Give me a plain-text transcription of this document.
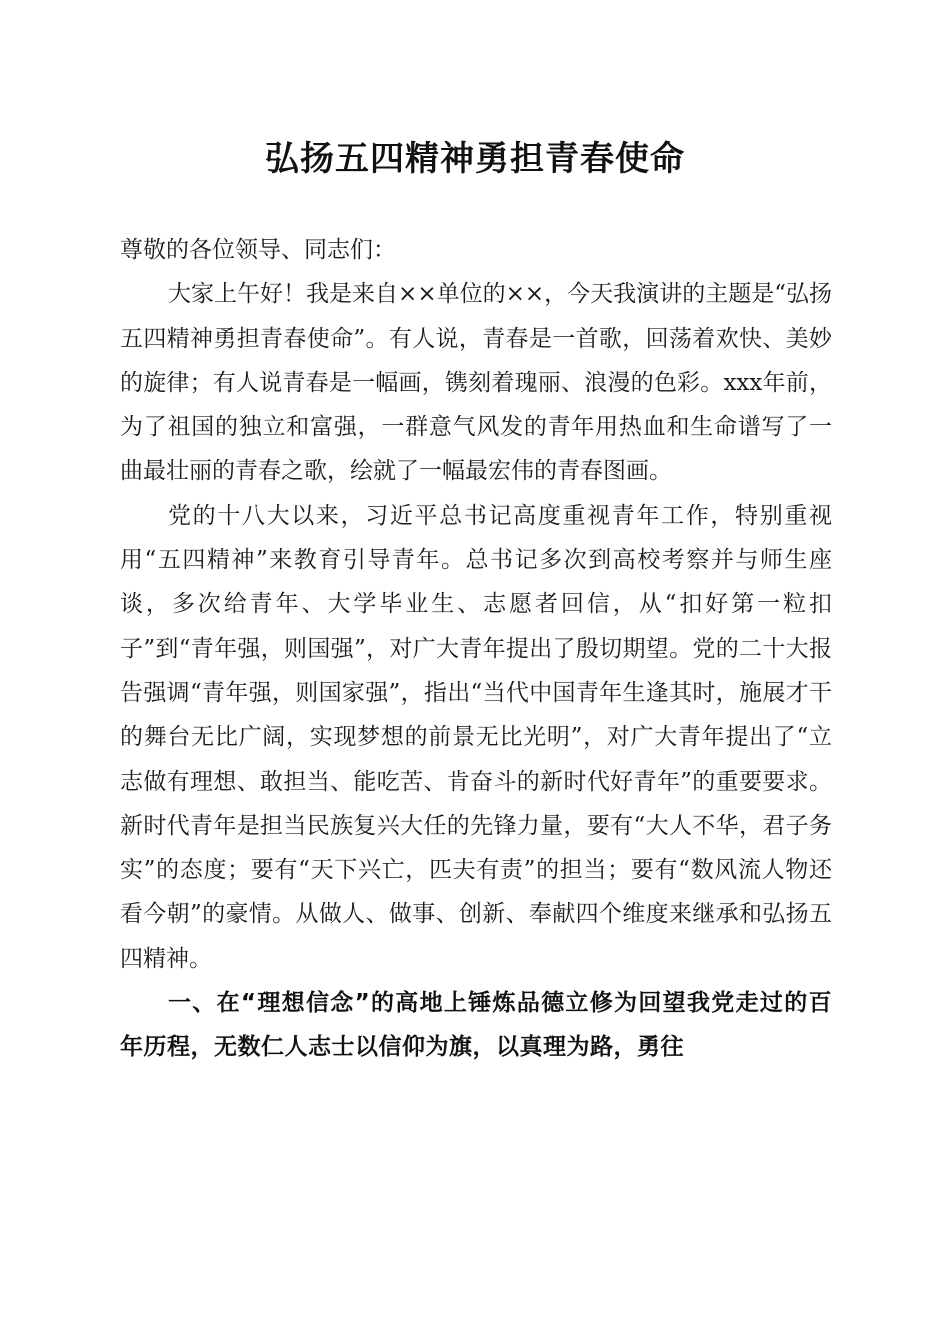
弘扬五四精神勇担青春使命

尊敬的各位领导、同志们：

大家上午好！我是来自××单位的××，今天我演讲的主题是“弘扬五四精神勇担青春使命”。有人说，青春是一首歌，回荡着欢快、美妙的旋律；有人说青春是一幅画，镌刻着瑰丽、浪漫的色彩。xxx年前，为了祖国的独立和富强，一群意气风发的青年用热血和生命谱写了一曲最壮丽的青春之歌，绘就了一幅最宏伟的青春图画。

党的十八大以来，习近平总书记高度重视青年工作，特别重视用“五四精神”来教育引导青年。总书记多次到高校考察并与师生座谈，多次给青年、大学毕业生、志愿者回信，从“扣好第一粒扣子”到“青年强，则国强”，对广大青年提出了殷切期望。党的二十大报告强调“青年强，则国家强”，指出“当代中国青年生逢其时，施展才干的舞台无比广阔，实现梦想的前景无比光明”，对广大青年提出了“立志做有理想、敢担当、能吃苦、肯奋斗的新时代好青年”的重要要求。新时代青年是担当民族复兴大任的先锋力量，要有“大人不华，君子务实”的态度；要有“天下兴亡，匹夫有责”的担当；要有“数风流人物还看今朝”的豪情。从做人、做事、创新、奉献四个维度来继承和弘扬五四精神。

一、在“理想信念”的高地上锤炼品德立修为回望我党走过的百年历程，无数仁人志士以信仰为旗，以真理为路，勇往
